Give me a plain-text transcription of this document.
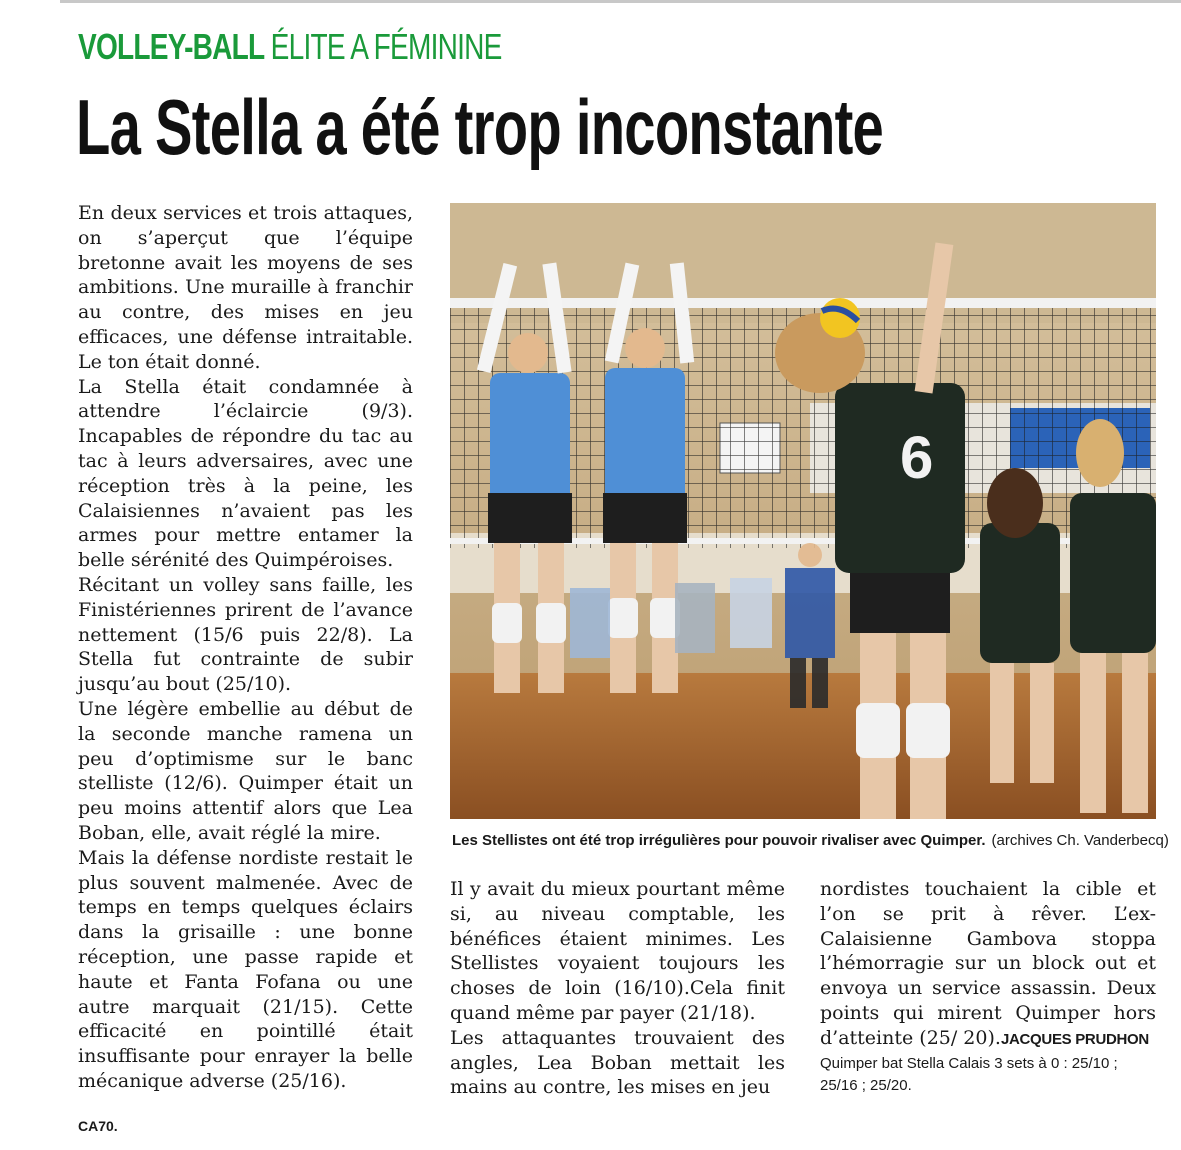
VOLLEY-BALL ÉLITE A FÉMININE
La Stella a été trop inconstante

En deux services et trois attaques, on s’aperçut que l’équipe bretonne avait les moyens de ses ambitions. Une muraille à franchir au contre, des mises en jeu efficaces, une défense intraitable. Le ton était donné.

La Stella était condamnée à attendre l’éclaircie (9/3). Incapables de répondre du tac au tac à leurs adversaires, avec une réception très à la peine, les Calaisiennes n’avaient pas les armes pour mettre entamer la belle sérénité des Quimpéroises.

Récitant un volley sans faille, les Finistériennes prirent de l’avance nettement (15/6 puis 22/8). La Stella fut contrainte de subir jusqu’au bout (25/10).

Une légère embellie au début de la seconde manche ramena un peu d’optimisme sur le banc stelliste (12/6). Quimper était un peu moins attentif alors que Lea Boban, elle, avait réglé la mire.

Mais la défense nordiste restait le plus souvent malmenée. Avec de temps en temps quelques éclairs dans la grisaille : une bonne réception, une passe rapide et haute et Fanta Fofana ou une autre marquait (21/15). Cette efficacité en pointillé était insuffisante pour enrayer la belle mécanique adverse (25/16).

6
Les Stellistes ont été trop irrégulières pour pouvoir rivaliser avec Quimper. (archives Ch. Vanderbecq)

Il y avait du mieux pourtant même si, au niveau comptable, les bénéfices étaient minimes. Les Stellistes voyaient toujours les choses de loin (16/10).Cela finit quand même par payer (21/18).

Les attaquantes trouvaient des angles, Lea Boban mettait les mains au contre, les mises en jeu

nordistes touchaient la cible et l’on se prit à rêver. L’ex-Calaisienne Gambova stoppa l’hémorragie sur un block out et envoya un service assassin. Deux points qui mirent Quimper hors d’atteinte (25/ 20).JACQUES PRUDHON

Quimper bat Stella Calais 3 sets à 0 : 25/10 ; 25/16 ; 25/20.

CA70.
